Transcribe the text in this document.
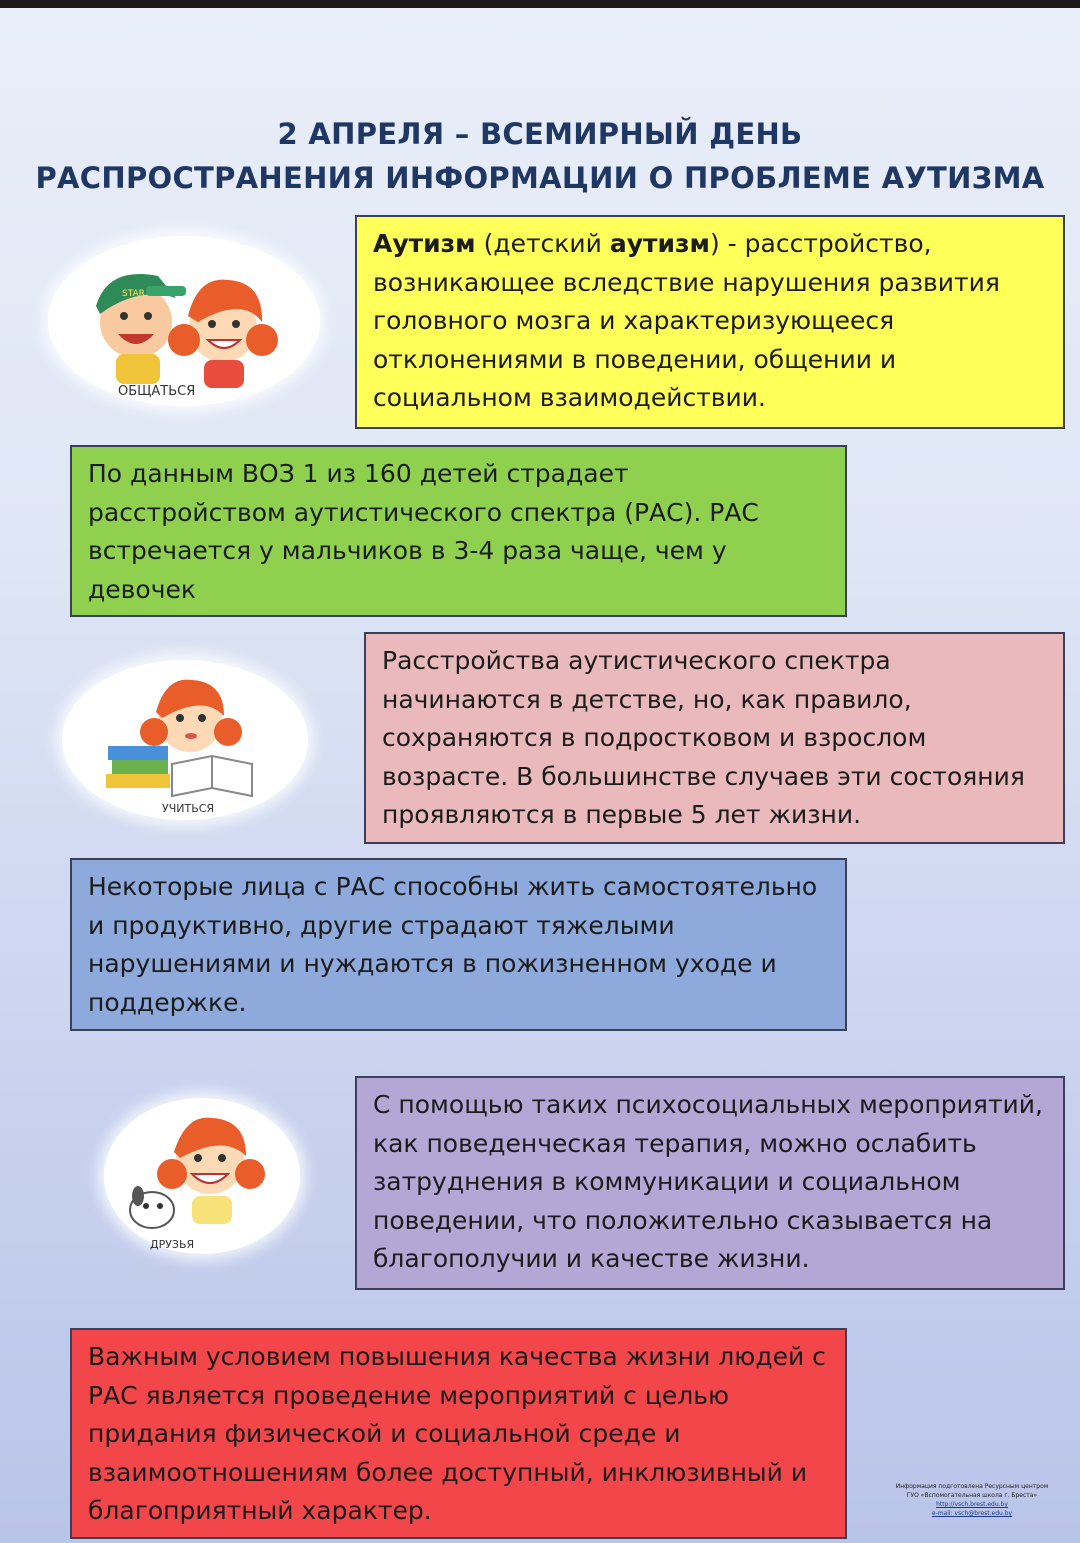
2 АПРЕЛЯ – ВСЕМИРНЫЙ ДЕНЬ
РАСПРОСТРАНЕНИЯ ИНФОРМАЦИИ О ПРОБЛЕМЕ АУТИЗМА
STAR
ОБЩАТЬСЯ
Аутизм (детский аутизм) - расстройство, возникающее вследствие нарушения развития головного мозга и характеризующееся отклонениями в поведении, общении и социальном взаимодействии.
По данным ВОЗ 1 из 160 детей страдает расстройством аутистического спектра (РАС). РАС встречается у мальчиков в 3-4 раза чаще, чем у девочек
УЧИТЬСЯ
Расстройства аутистического спектра начинаются в детстве, но, как правило, сохраняются в подростковом и взрослом возрасте. В большинстве случаев эти состояния проявляются в первые 5 лет жизни.
Некоторые лица с РАС способны жить самостоятельно и продуктивно, другие страдают тяжелыми нарушениями и нуждаются в пожизненном уходе и поддержке.
ДРУЗЬЯ
С помощью таких психосоциальных мероприятий, как поведенческая терапия, можно ослабить затруднения в коммуникации и социальном поведении, что положительно сказывается на благополучии и качестве жизни.
Важным условием повышения качества жизни людей с РАС является проведение мероприятий с целью придания физической и социальной среде и взаимоотношениям более доступный, инклюзивный и благоприятный характер.
Информация подготовлена Ресурсным центром
ГУО «Вспомогательная школа г. Бреста»
http://vsch.brest.edu.by
e-mail: vsch@brest.edu.by
